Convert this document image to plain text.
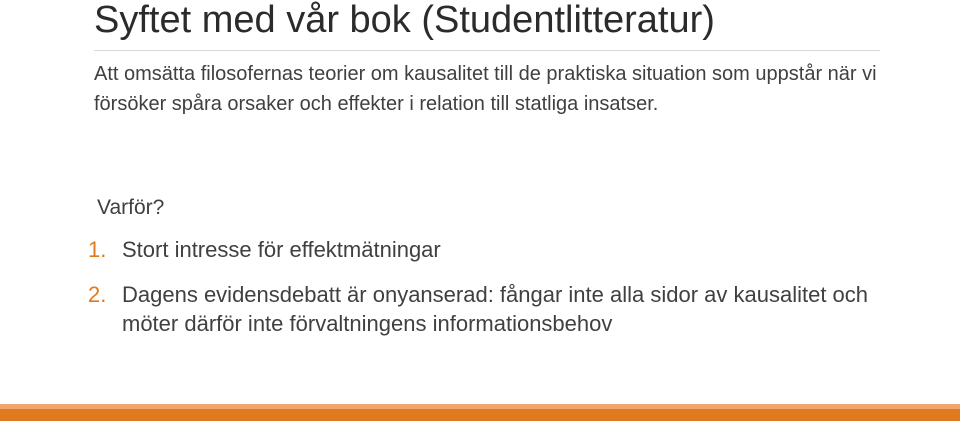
Syftet med vår bok (Studentlitteratur)

Att omsätta filosofernas teorier om kausalitet till de praktiska situation som uppstår när vi försöker spåra orsaker och effekter i relation till statliga insatser.

Varför?

1. Stort intresse för effektmätningar
2. Dagens evidensdebatt är onyanserad: fångar inte alla sidor av kausalitet och möter därför inte förvaltningens informationsbehov
